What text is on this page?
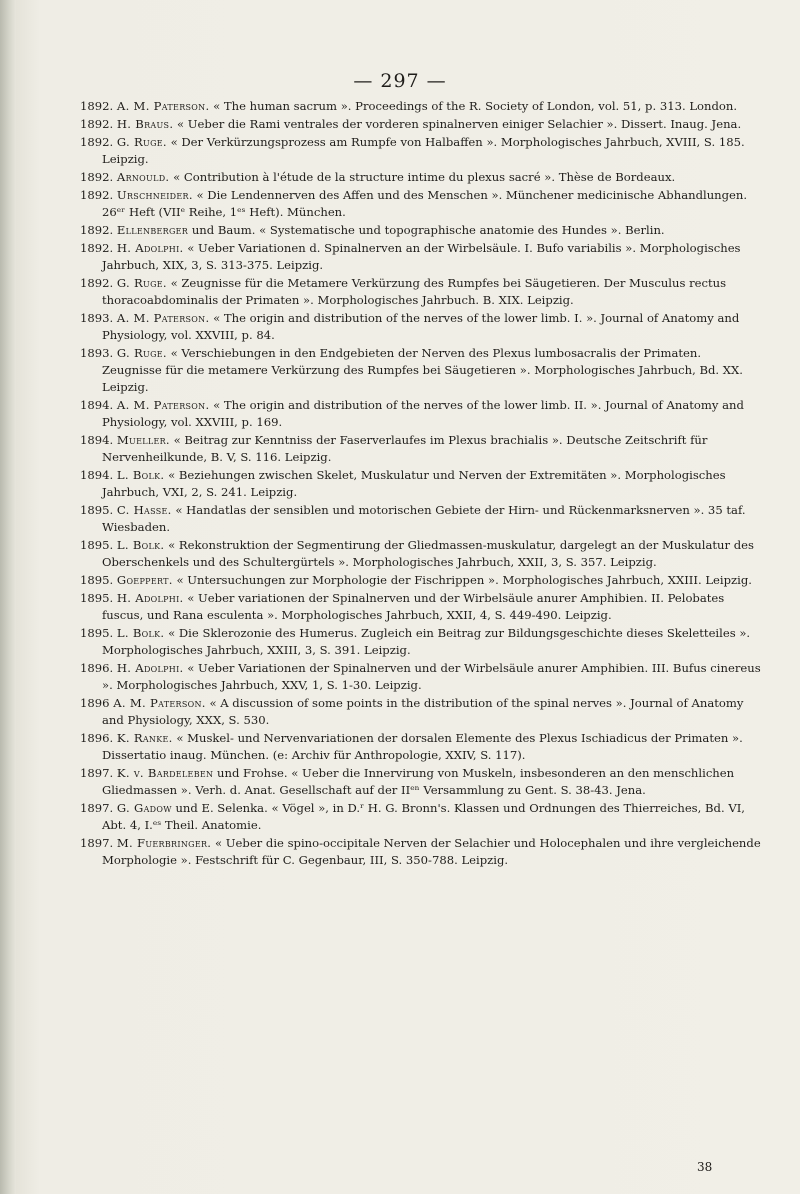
— 297 —

1892. A. M. Paterson. « The human sacrum ». Proceedings of the R. Society of London, vol. 51, p. 313. London.

1892. H. Braus. « Ueber die Rami ventrales der vorderen spinalnerven einiger Selachier ». Dissert. Inaug. Jena.

1892. G. Ruge. « Der Verkürzungsprozess am Rumpfe von Halbaffen ». Morphologisches Jahrbuch, XVIII, S. 185. Leipzig.

1892. Arnould. « Contribution à l'étude de la structure intime du plexus sacré ». Thèse de Bordeaux.

1892. Urschneider. « Die Lendennerven des Affen und des Menschen ». Münchener medicinische Abhandlungen. 26ᵉʳ Heft (VIIᵉ Reihe, 1ᵉˢ Heft). München.

1892. Ellenberger und Baum. « Systematische und topographische anatomie des Hundes ». Berlin.

1892. H. Adolphi. « Ueber Variationen d. Spinalnerven an der Wirbelsäule. I. Bufo variabilis ». Morphologisches Jahrbuch, XIX, 3, S. 313-375. Leipzig.

1892. G. Ruge. « Zeugnisse für die Metamere Verkürzung des Rumpfes bei Säugetieren. Der Musculus rectus thoracoabdominalis der Primaten ». Morphologisches Jahrbuch. B. XIX. Leipzig.

1893. A. M. Paterson. « The origin and distribution of the nerves of the lower limb. I. ». Journal of Anatomy and Physiology, vol. XXVIII, p. 84.

1893. G. Ruge. « Verschiebungen in den Endgebieten der Nerven des Plexus lumbosacralis der Primaten. Zeugnisse für die metamere Verkürzung des Rumpfes bei Säugetieren ». Morphologisches Jahrbuch, Bd. XX. Leipzig.

1894. A. M. Paterson. « The origin and distribution of the nerves of the lower limb. II. ». Journal of Anatomy and Physiology, vol. XXVIII, p. 169.

1894. Mueller. « Beitrag zur Kenntniss der Faserverlaufes im Plexus brachialis ». Deutsche Zeitschrift für Nervenheilkunde, B. V, S. 116. Leipzig.

1894. L. Bolk. « Beziehungen zwischen Skelet, Muskulatur und Nerven der Extremitäten ». Morphologisches Jahrbuch, VXI, 2, S. 241. Leipzig.

1895. C. Hasse. « Handatlas der sensiblen und motorischen Gebiete der Hirn- und Rückenmarksnerven ». 35 taf. Wiesbaden.

1895. L. Bolk. « Rekonstruktion der Segmentirung der Gliedmassen-muskulatur, dargelegt an der Muskulatur des Oberschenkels und des Schultergürtels ». Morphologisches Jahrbuch, XXII, 3, S. 357. Leipzig.

1895. Goeppert. « Untersuchungen zur Morphologie der Fischrippen ». Morphologisches Jahrbuch, XXIII. Leipzig.

1895. H. Adolphi. « Ueber variationen der Spinalnerven und der Wirbelsäule anurer Amphibien. II. Pelobates fuscus, und Rana esculenta ». Morphologisches Jahrbuch, XXII, 4, S. 449-490. Leipzig.

1895. L. Bolk. « Die Sklerozonie des Humerus. Zugleich ein Beitrag zur Bildungsgeschichte dieses Skeletteiles ». Morphologisches Jahrbuch, XXIII, 3, S. 391. Leipzig.

1896. H. Adolphi. « Ueber Variationen der Spinalnerven und der Wirbelsäule anurer Amphibien. III. Bufus cinereus ». Morphologisches Jahrbuch, XXV, 1, S. 1-30. Leipzig.

1896 A. M. Paterson. « A discussion of some points in the distribution of the spinal nerves ». Journal of Anatomy and Physiology, XXX, S. 530.

1896. K. Ranke. « Muskel- und Nervenvariationen der dorsalen Elemente des Plexus Ischiadicus der Primaten ». Dissertatio inaug. München. (e: Archiv für Anthropologie, XXIV, S. 117).

1897. K. v. Bardeleben und Frohse. « Ueber die Innervirung von Muskeln, insbesonderen an den menschlichen Gliedmassen ». Verh. d. Anat. Gesellschaft auf der IIᵉⁿ Versammlung zu Gent. S. 38-43. Jena.

1897. G. Gadow und E. Selenka. « Vögel », in D.ʳ H. G. Bronn's. Klassen und Ordnungen des Thierreiches, Bd. VI, Abt. 4, I.ᵉˢ Theil. Anatomie.

1897. M. Fuerbringer. « Ueber die spino-occipitale Nerven der Selachier und Holocephalen und ihre vergleichende Morphologie ». Festschrift für C. Gegenbaur, III, S. 350-788. Leipzig.

38
